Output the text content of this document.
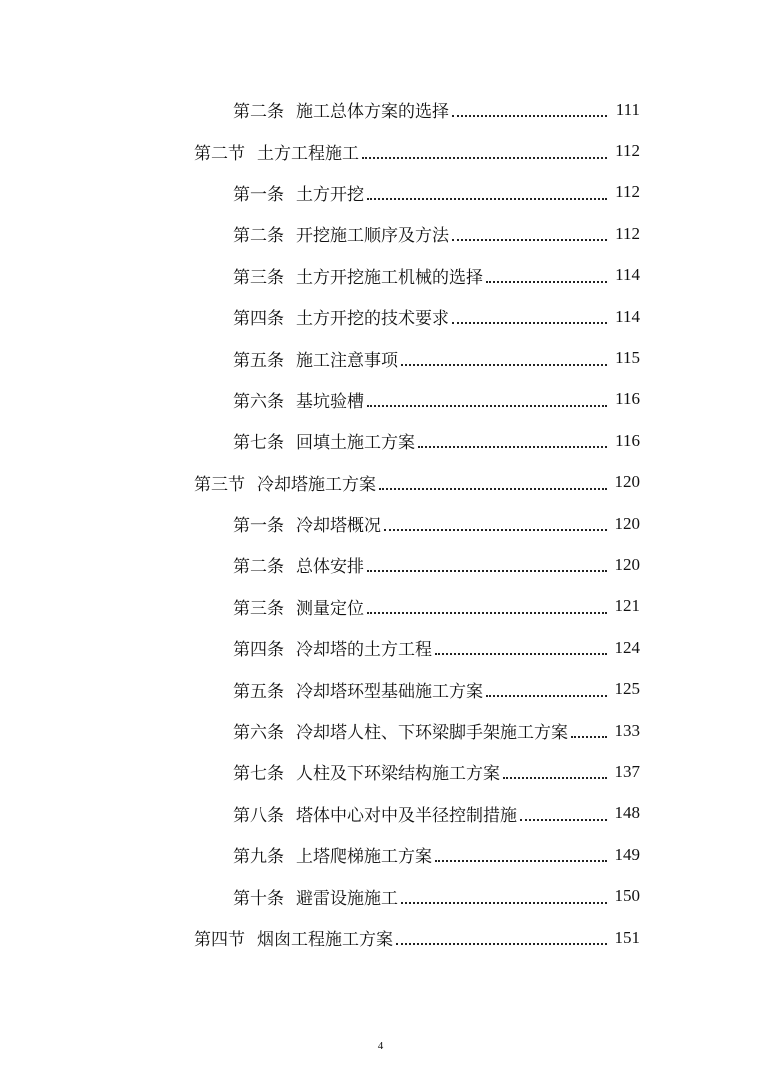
第二条 施工总体方案的选择	111
第二节 土方工程施工	112
第一条 土方开挖	112
第二条 开挖施工顺序及方法	112
第三条 土方开挖施工机械的选择	114
第四条 土方开挖的技术要求	114
第五条 施工注意事项	115
第六条 基坑验槽	116
第七条 回填土施工方案	116
第三节 冷却塔施工方案	120
第一条 冷却塔概况	120
第二条 总体安排	120
第三条 测量定位	121
第四条 冷却塔的土方工程	124
第五条 冷却塔环型基础施工方案	125
第六条 冷却塔人柱、下环梁脚手架施工方案	133
第七条 人柱及下环梁结构施工方案	137
第八条 塔体中心对中及半径控制措施	148
第九条 上塔爬梯施工方案	149
第十条 避雷设施施工	150
第四节 烟囱工程施工方案	151
4
